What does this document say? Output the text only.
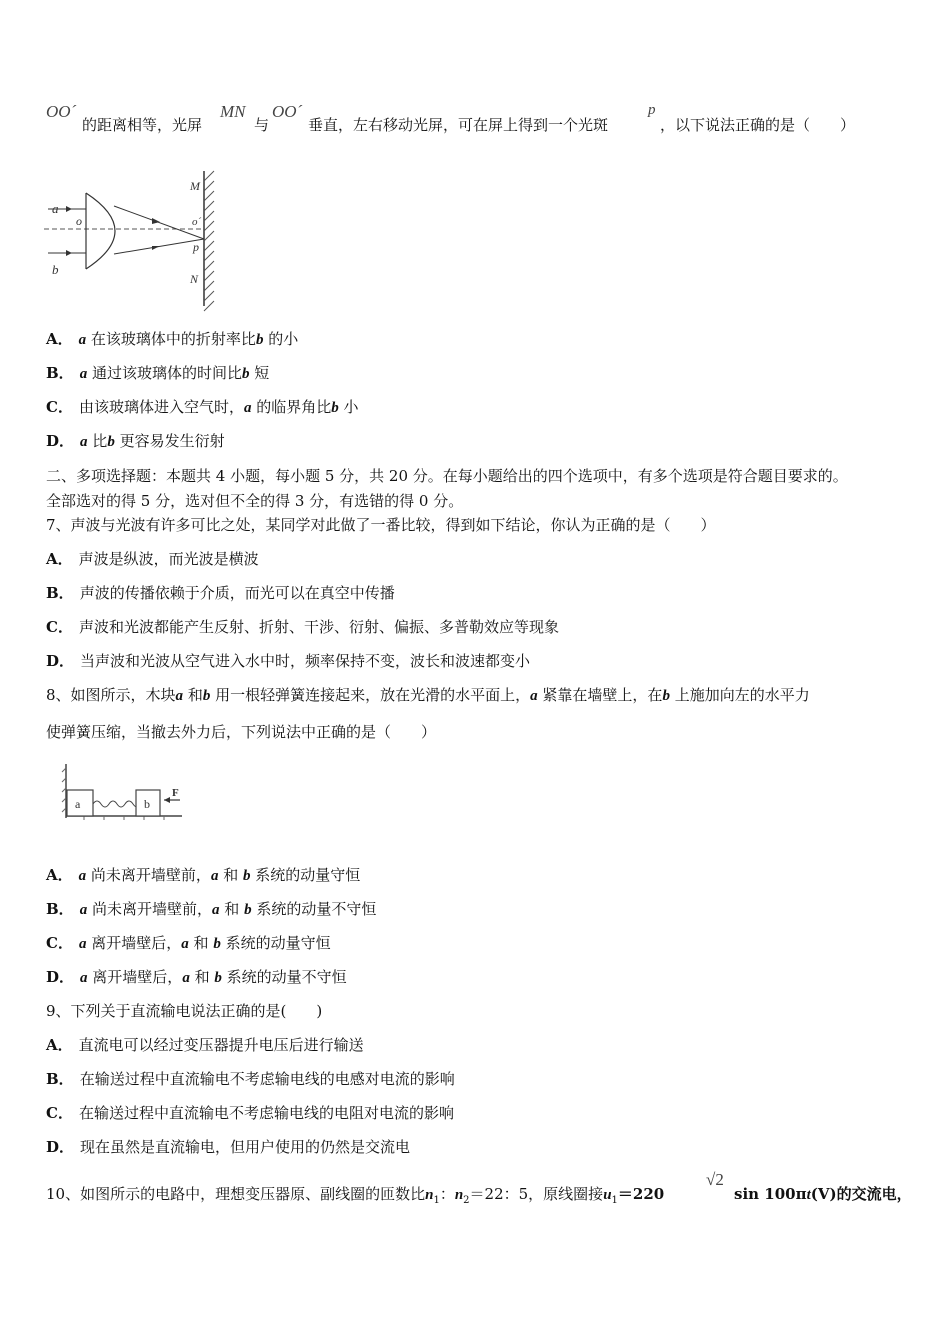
OO´
的距离相等，光屏
MN
与
OO´
垂直，左右移动光屏，可在屏上得到一个光斑
p
，以下说法正确的是（　　）
a
b
o	o´
p
M
N
A． a 在该玻璃体中的折射率比b 的小
B． a 通过该玻璃体的时间比b 短
C． 由该玻璃体进入空气时，a 的临界角比b 小
D． a 比b 更容易发生衍射
二、多项选择题：本题共 4 小题，每小题 5 分，共 20 分。在每小题给出的四个选项中，有多个选项是符合题目要求的。
全部选对的得 5 分，选对但不全的得 3 分，有选错的得 0 分。
7、声波与光波有许多可比之处，某同学对此做了一番比较，得到如下结论，你认为正确的是（　　）
A． 声波是纵波，而光波是横波
B． 声波的传播依赖于介质，而光可以在真空中传播
C． 声波和光波都能产生反射、折射、干涉、衍射、偏振、多普勒效应等现象
D． 当声波和光波从空气进入水中时，频率保持不变，波长和波速都变小
8、如图所示，木块a 和b 用一根轻弹簧连接起来，放在光滑的水平面上，a 紧靠在墙壁上，在b 上施加向左的水平力
使弹簧压缩，当撤去外力后，下列说法中正确的是（　　）
a	b
F
A． a 尚未离开墙壁前，a 和 b 系统的动量守恒
B． a 尚未离开墙壁前，a 和 b 系统的动量不守恒
C． a 离开墙壁后，a 和 b 系统的动量守恒
D． a 离开墙壁后，a 和 b 系统的动量不守恒
9、下列关于直流输电说法正确的是(　　)
A． 直流电可以经过变压器提升电压后进行输送
B． 在输送过程中直流输电不考虑输电线的电感对电流的影响
C． 在输送过程中直流输电不考虑输电线的电阻对电流的影响
D． 现在虽然是直流输电，但用户使用的仍然是交流电
10、如图所示的电路中，理想变压器原、副线圈的匝数比$n_1$：$n_2=22$：5，原线圈接$u_1=220$
√2
sin 100πt(V)的交流电，
